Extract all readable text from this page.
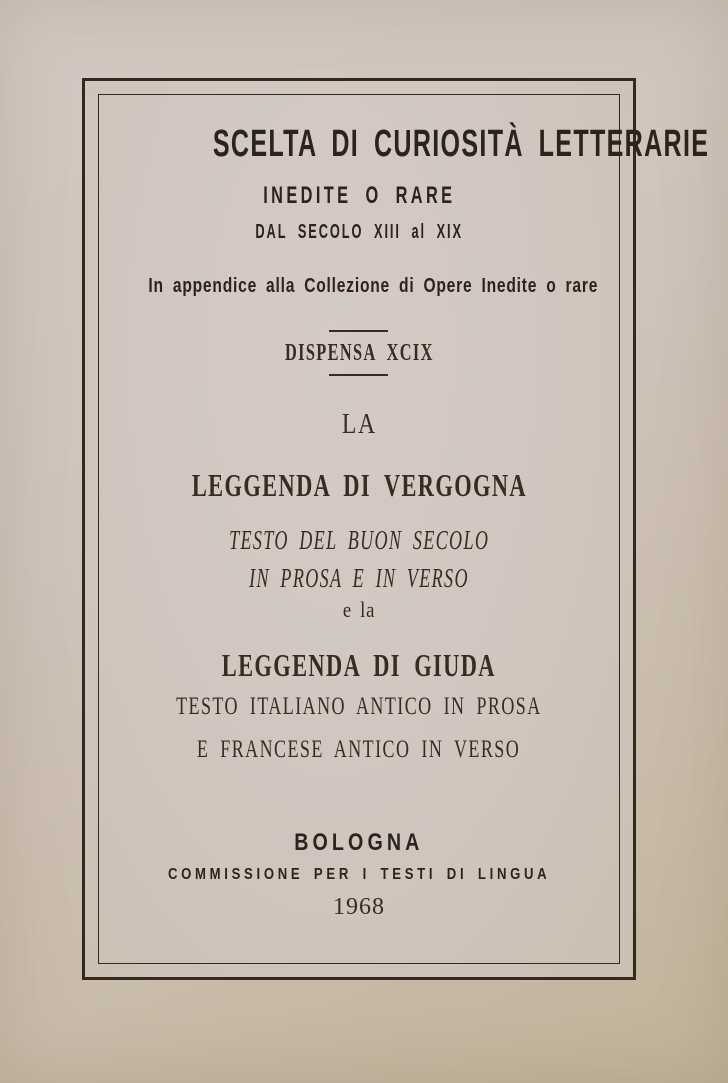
SCELTA DI CURIOSITÀ LETTERARIE
INEDITE O RARE
DAL SECOLO XIII al XIX
In appendice alla Collezione di Opere Inedite o rare
DISPENSA XCIX
LA
LEGGENDA DI VERGOGNA
TESTO DEL BUON SECOLO
IN PROSA E IN VERSO
e la
LEGGENDA DI GIUDA
TESTO ITALIANO ANTICO IN PROSA
E FRANCESE ANTICO IN VERSO
BOLOGNA
COMMISSIONE PER I TESTI DI LINGUA
1968
